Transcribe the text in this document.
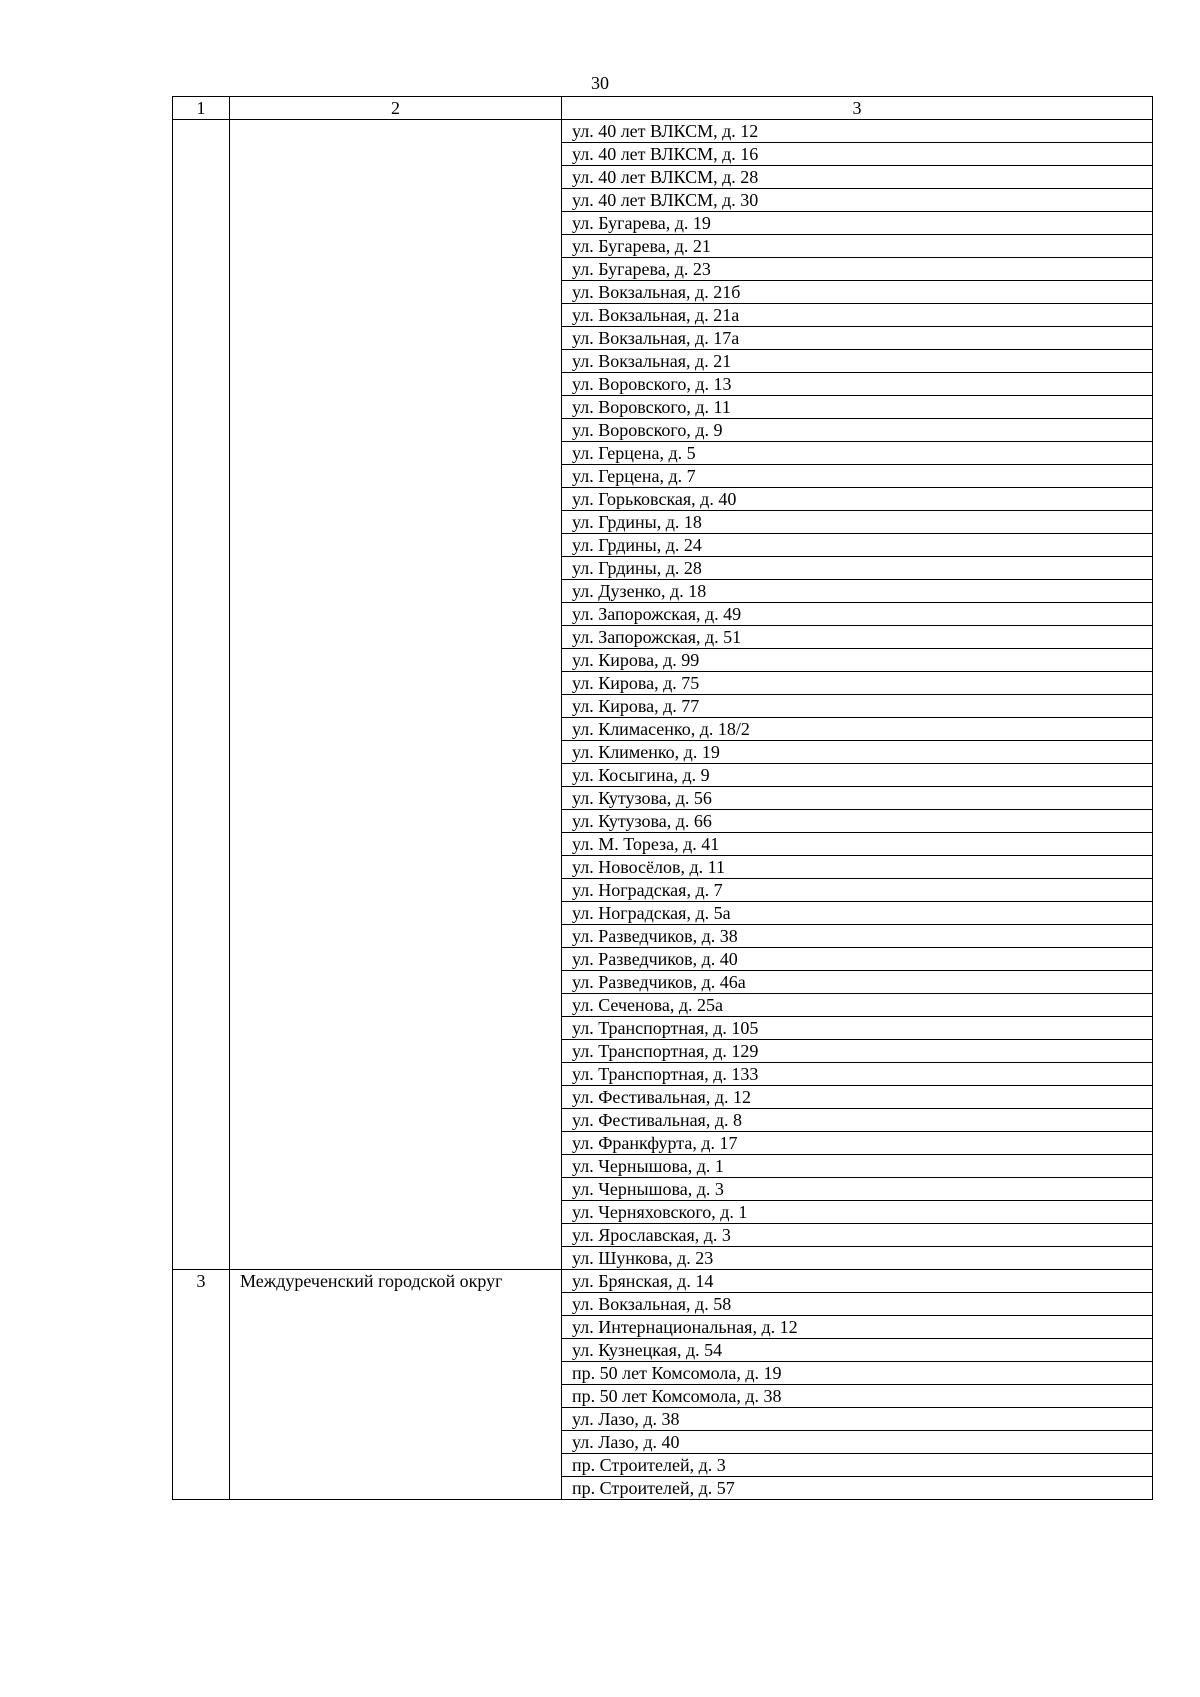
30
1	2	3
		ул. 40 лет ВЛКСМ, д. 12
		ул. 40 лет ВЛКСМ, д. 16
		ул. 40 лет ВЛКСМ, д. 28
		ул. 40 лет ВЛКСМ, д. 30
		ул. Бугарева, д. 19
		ул. Бугарева, д. 21
		ул. Бугарева, д. 23
		ул. Вокзальная, д. 21б
		ул. Вокзальная, д. 21а
		ул. Вокзальная, д. 17а
		ул. Вокзальная, д. 21
		ул. Воровского, д. 13
		ул. Воровского, д. 11
		ул. Воровского, д. 9
		ул. Герцена, д. 5
		ул. Герцена, д. 7
		ул. Горьковская, д. 40
		ул. Грдины, д. 18
		ул. Грдины, д. 24
		ул. Грдины, д. 28
		ул. Дузенко, д. 18
		ул. Запорожская, д. 49
		ул. Запорожская, д. 51
		ул. Кирова, д. 99
		ул. Кирова, д. 75
		ул. Кирова, д. 77
		ул. Климасенко, д. 18/2
		ул. Клименко, д. 19
		ул. Косыгина, д. 9
		ул. Кутузова, д. 56
		ул. Кутузова, д. 66
		ул. М. Тореза, д. 41
		ул. Новосёлов, д. 11
		ул. Ноградская, д. 7
		ул. Ноградская, д. 5а
		ул. Разведчиков, д. 38
		ул. Разведчиков, д. 40
		ул. Разведчиков, д. 46а
		ул. Сеченова, д. 25а
		ул. Транспортная, д. 105
		ул. Транспортная, д. 129
		ул. Транспортная, д. 133
		ул. Фестивальная, д. 12
		ул. Фестивальная, д. 8
		ул. Франкфурта, д. 17
		ул. Чернышова, д. 1
		ул. Чернышова, д. 3
		ул. Черняховского, д. 1
		ул. Ярославская, д. 3
		ул. Шункова, д. 23
3	Междуреченский городской округ	ул. Брянская, д. 14
		ул. Вокзальная, д. 58
		ул. Интернациональная, д. 12
		ул. Кузнецкая, д. 54
		пр. 50 лет Комсомола, д. 19
		пр. 50 лет Комсомола, д. 38
		ул. Лазо, д. 38
		ул. Лазо, д. 40
		пр. Строителей, д. 3
		пр. Строителей, д. 57
